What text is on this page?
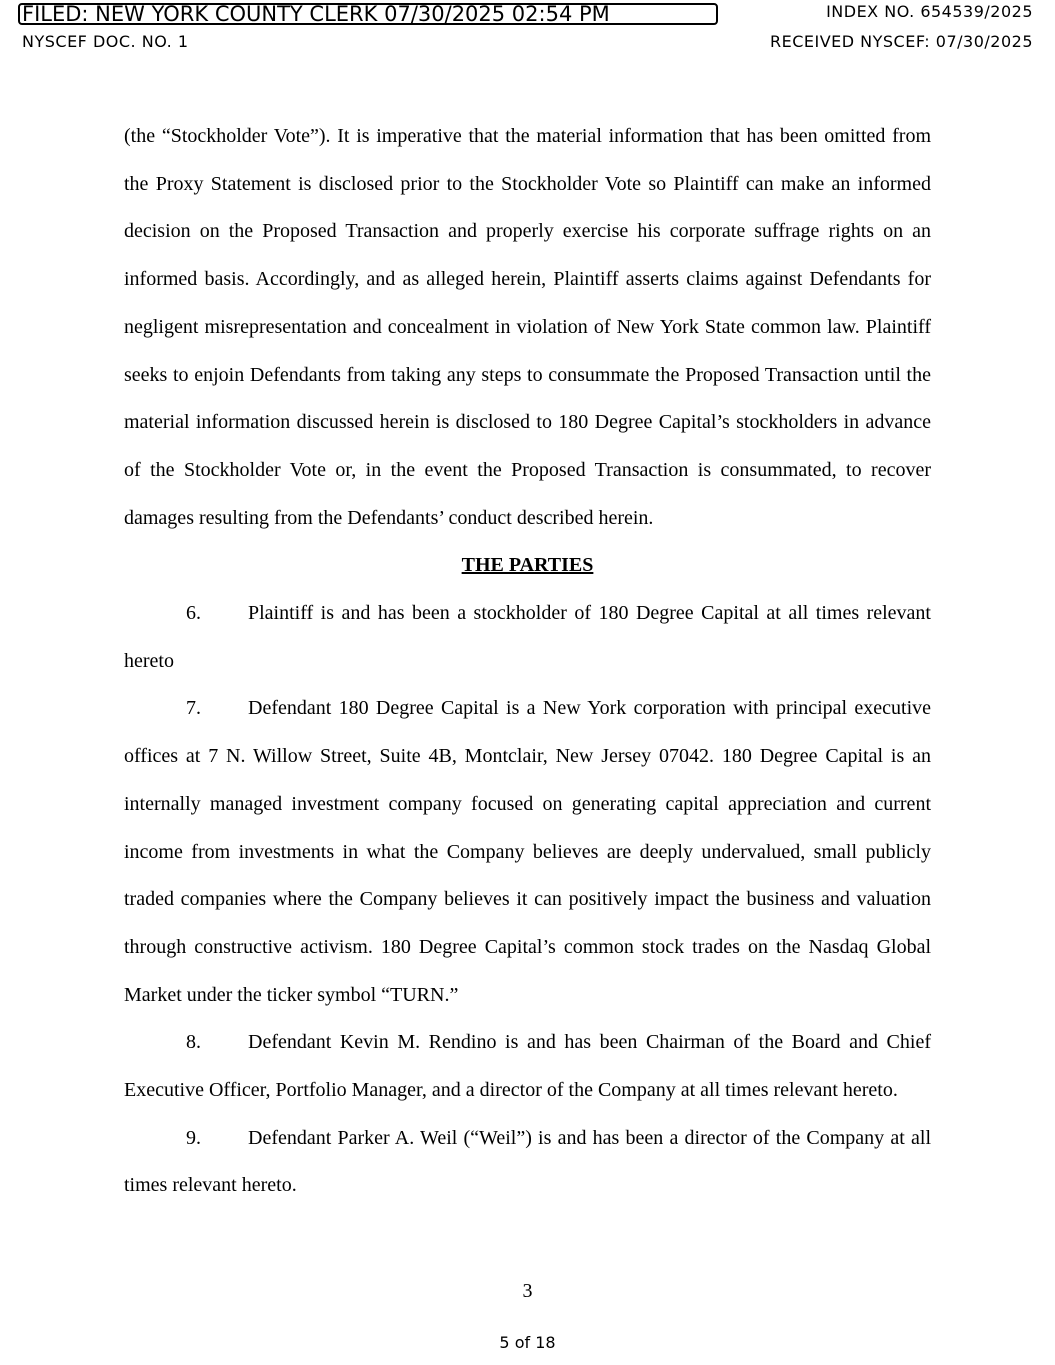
FILED: NEW YORK COUNTY CLERK 07/30/2025 02:54 PM	INDEX NO. 654539/2025
NYSCEF DOC. NO. 1	RECEIVED NYSCEF: 07/30/2025

(the “Stockholder Vote”). It is imperative that the material information that has been omitted from the Proxy Statement is disclosed prior to the Stockholder Vote so Plaintiff can make an informed decision on the Proposed Transaction and properly exercise his corporate suffrage rights on an informed basis. Accordingly, and as alleged herein, Plaintiff asserts claims against Defendants for negligent misrepresentation and concealment in violation of New York State common law. Plaintiff seeks to enjoin Defendants from taking any steps to consummate the Proposed Transaction until the material information discussed herein is disclosed to 180 Degree Capital’s stockholders in advance of the Stockholder Vote or, in the event the Proposed Transaction is consummated, to recover damages resulting from the Defendants’ conduct described herein.

THE PARTIES

6. Plaintiff is and has been a stockholder of 180 Degree Capital at all times relevant hereto

7. Defendant 180 Degree Capital is a New York corporation with principal executive offices at 7 N. Willow Street, Suite 4B, Montclair, New Jersey 07042. 180 Degree Capital is an internally managed investment company focused on generating capital appreciation and current income from investments in what the Company believes are deeply undervalued, small publicly traded companies where the Company believes it can positively impact the business and valuation through constructive activism. 180 Degree Capital’s common stock trades on the Nasdaq Global Market under the ticker symbol “TURN.”

8. Defendant Kevin M. Rendino is and has been Chairman of the Board and Chief Executive Officer, Portfolio Manager, and a director of the Company at all times relevant hereto.

9. Defendant Parker A. Weil (“Weil”) is and has been a director of the Company at all times relevant hereto.

3
5 of 18
